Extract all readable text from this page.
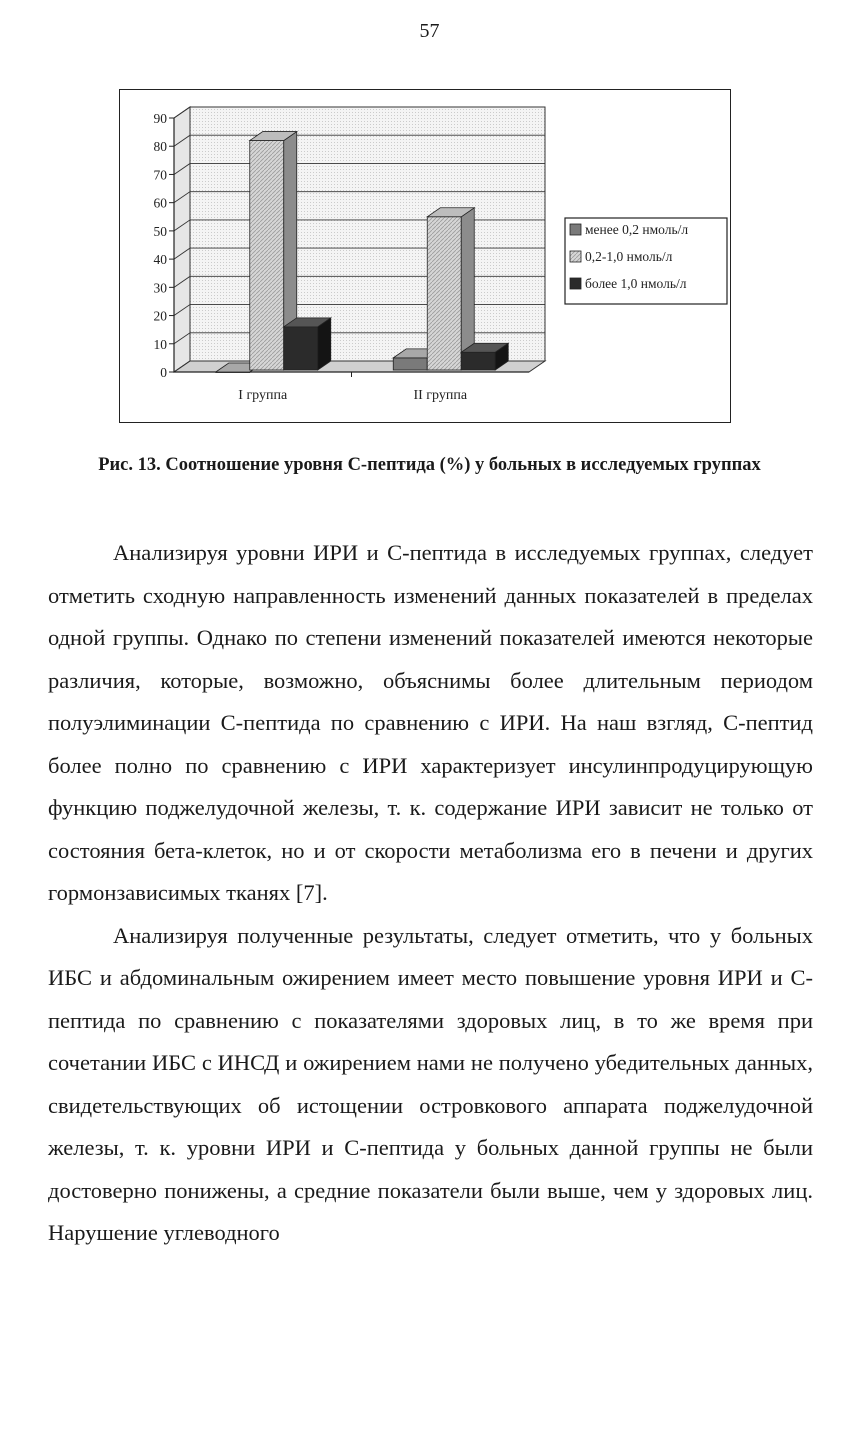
57
0
10
20
30
40
50
60
70
80
90
I группа	II группа
менее 0,2 нмоль/л
0,2-1,0 нмоль/л
более 1,0 нмоль/л
Рис. 13. Соотношение уровня С-пептида (%) у больных в исследуемых группах

Анализируя уровни ИРИ и С-пептида в исследуемых группах, следует отметить сходную направленность изменений данных показателей в пределах одной группы. Однако по степени изменений показателей имеются некоторые различия, которые, возможно, объяснимы более длительным периодом полуэлиминации С-пептида по сравнению с ИРИ. На наш взгляд, С-пептид более полно по сравнению с ИРИ характеризует инсулинпродуцирующую функцию поджелудочной железы, т. к. содержание ИРИ зависит не только от состояния бета-клеток, но и от скорости метаболизма его в печени и других гормонзависимых тканях [7].

Анализируя полученные результаты, следует отметить, что у больных ИБС и абдоминальным ожирением имеет место повышение уровня ИРИ и С-пептида по сравнению с показателями здоровых лиц, в то же время при сочетании ИБС с ИНСД и ожирением нами не получено убедительных данных, свидетельствующих об истощении островкового аппарата поджелудочной железы, т. к. уровни ИРИ и С-пептида у больных данной группы не были достоверно понижены, а средние показатели были выше, чем у здоровых лиц. Нарушение углеводного
